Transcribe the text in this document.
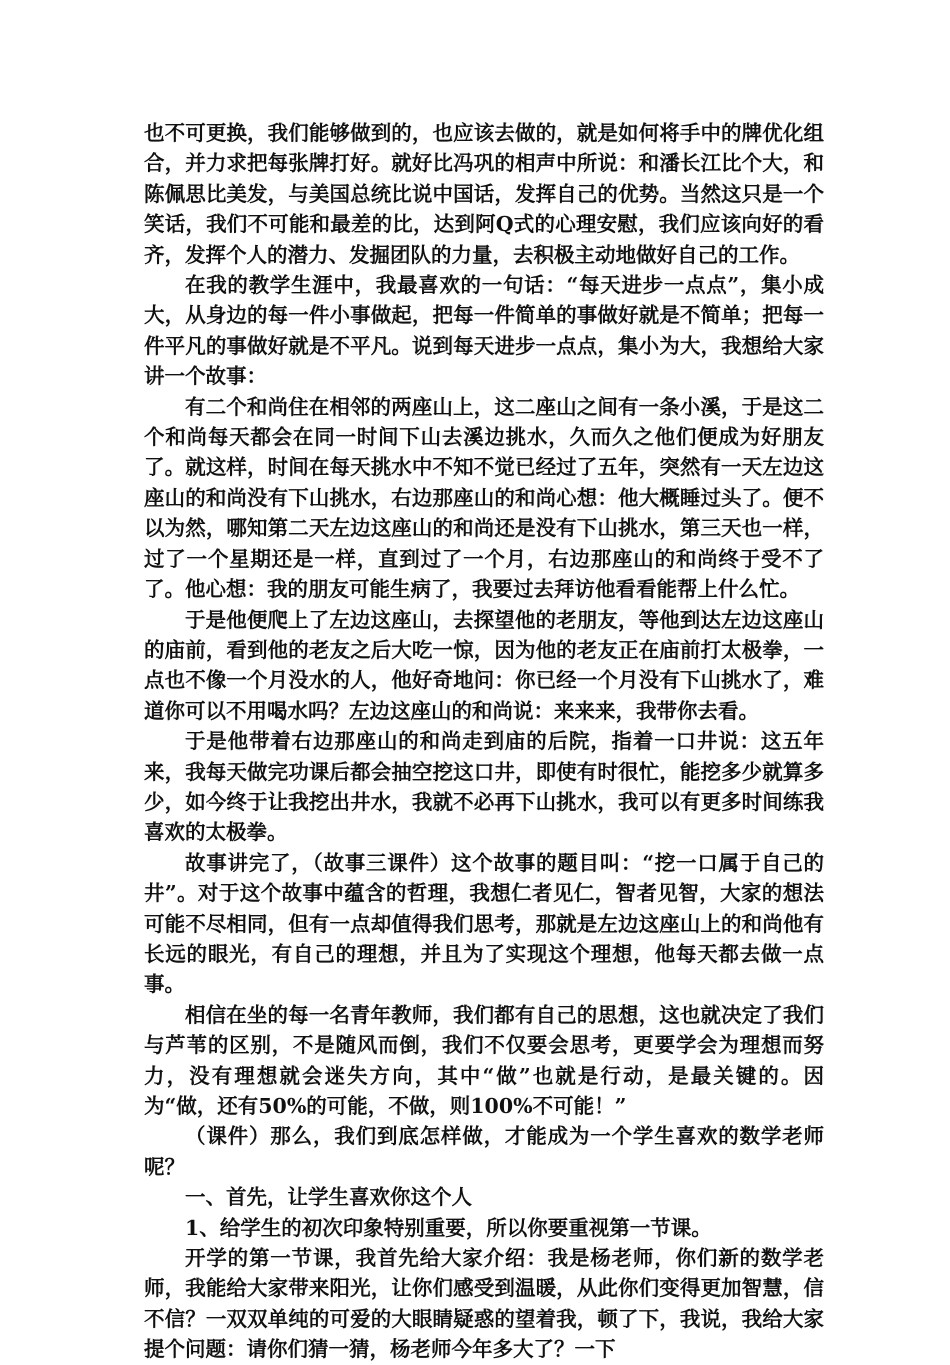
也不可更换，我们能够做到的，也应该去做的，就是如何将手中的牌优化组合，并力求把每张牌打好。就好比冯巩的相声中所说：和潘长江比个大，和陈佩思比美发，与美国总统比说中国话，发挥自己的优势。当然这只是一个笑话，我们不可能和最差的比，达到阿Q式的心理安慰，我们应该向好的看齐，发挥个人的潜力、发掘团队的力量，去积极主动地做好自己的工作。

在我的教学生涯中，我最喜欢的一句话：“每天进步一点点”，集小成大，从身边的每一件小事做起，把每一件简单的事做好就是不简单；把每一件平凡的事做好就是不平凡。说到每天进步一点点，集小为大，我想给大家讲一个故事：

有二个和尚住在相邻的两座山上，这二座山之间有一条小溪，于是这二个和尚每天都会在同一时间下山去溪边挑水，久而久之他们便成为好朋友了。就这样，时间在每天挑水中不知不觉已经过了五年，突然有一天左边这座山的和尚没有下山挑水，右边那座山的和尚心想：他大概睡过头了。便不以为然，哪知第二天左边这座山的和尚还是没有下山挑水，第三天也一样，过了一个星期还是一样，直到过了一个月，右边那座山的和尚终于受不了了。他心想：我的朋友可能生病了，我要过去拜访他看看能帮上什么忙。

于是他便爬上了左边这座山，去探望他的老朋友，等他到达左边这座山的庙前，看到他的老友之后大吃一惊，因为他的老友正在庙前打太极拳，一点也不像一个月没水的人，他好奇地问：你已经一个月没有下山挑水了，难道你可以不用喝水吗？左边这座山的和尚说：来来来，我带你去看。

于是他带着右边那座山的和尚走到庙的后院，指着一口井说：这五年来，我每天做完功课后都会抽空挖这口井，即使有时很忙，能挖多少就算多少，如今终于让我挖出井水，我就不必再下山挑水，我可以有更多时间练我喜欢的太极拳。

故事讲完了，（故事三课件）这个故事的题目叫：“挖一口属于自己的井”。对于这个故事中蕴含的哲理，我想仁者见仁，智者见智，大家的想法可能不尽相同，但有一点却值得我们思考，那就是左边这座山上的和尚他有长远的眼光，有自己的理想，并且为了实现这个理想，他每天都去做一点事。

相信在坐的每一名青年教师，我们都有自己的思想，这也就决定了我们与芦苇的区别，不是随风而倒，我们不仅要会思考，更要学会为理想而努力，没有理想就会迷失方向，其中“做”也就是行动，是最关键的。因为“做，还有50%的可能，不做，则100%不可能！”

（课件）那么，我们到底怎样做，才能成为一个学生喜欢的数学老师呢？

一、首先，让学生喜欢你这个人

1、给学生的初次印象特别重要，所以你要重视第一节课。

开学的第一节课，我首先给大家介绍：我是杨老师，你们新的数学老师，我能给大家带来阳光，让你们感受到温暖，从此你们变得更加智慧，信不信？一双双单纯的可爱的大眼睛疑惑的望着我，顿了下，我说，我给大家提个问题：请你们猜一猜，杨老师今年多大了？一下
